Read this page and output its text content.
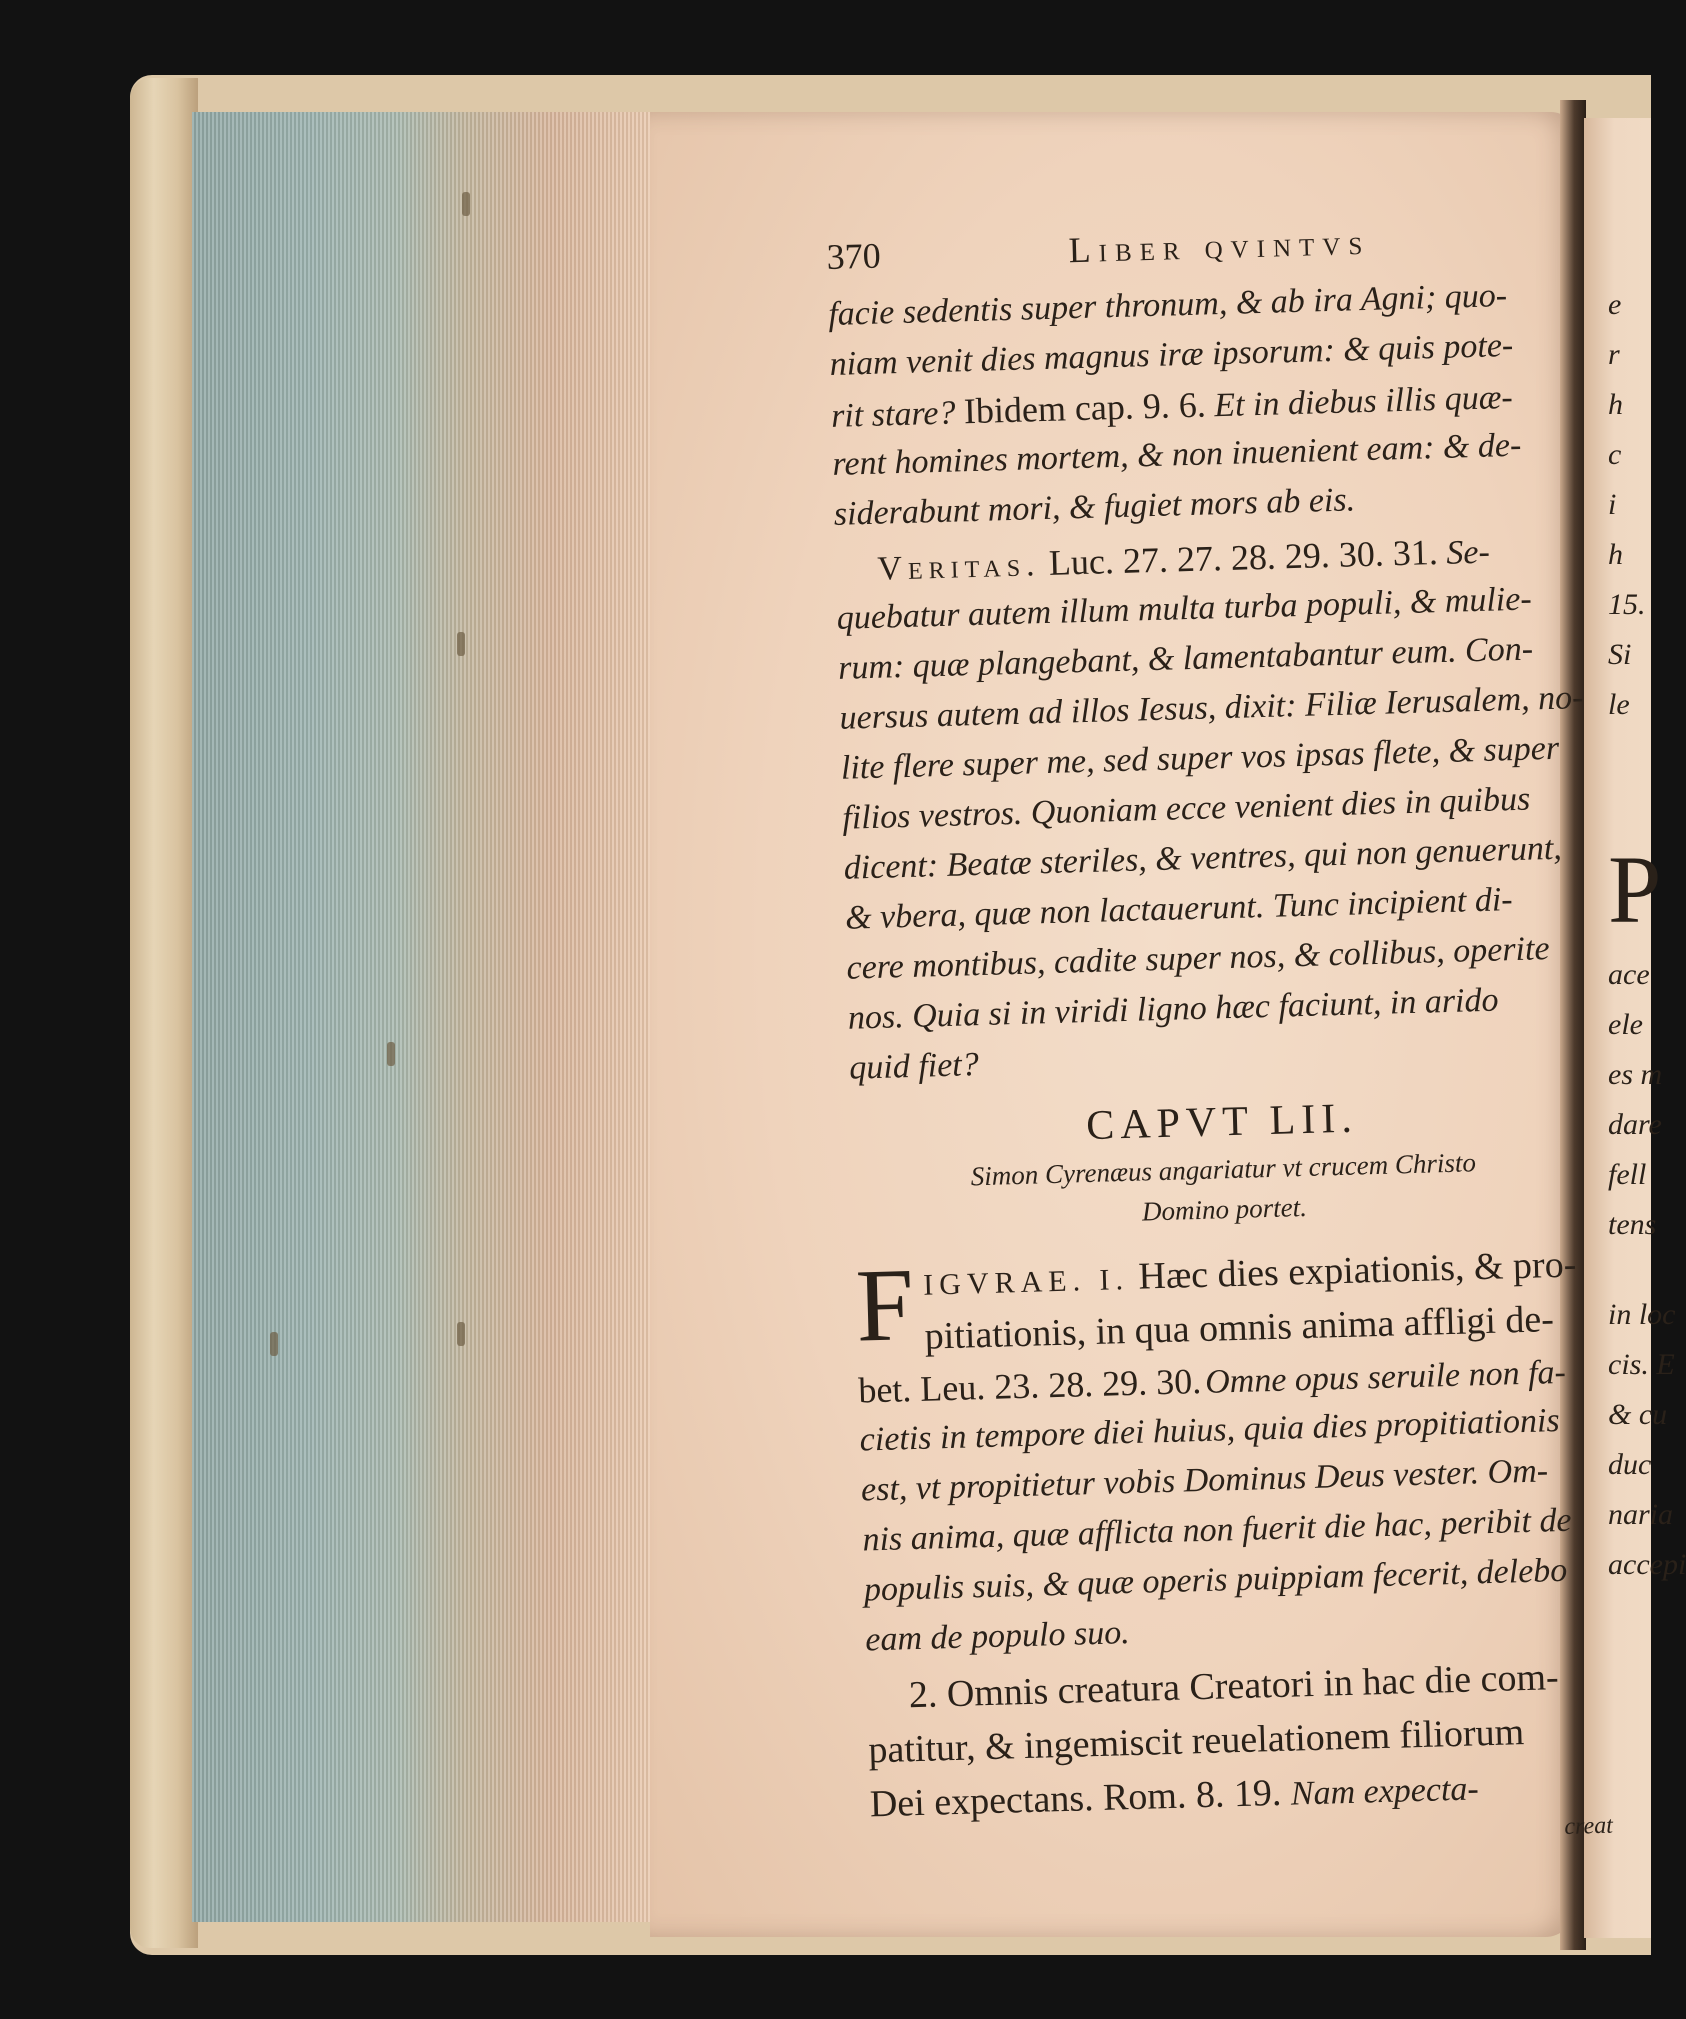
370	Liber qvintvs
facie sedentis super thronum, & ab ira Agni; quo-
niam venit dies magnus iræ ipsorum: & quis pote-
rit stare? Ibidem cap. 9. 6. Et in diebus illis quæ-
rent homines mortem, & non inuenient eam: & de-
siderabunt mori, & fugiet mors ab eis.
Veritas. Luc. 27. 27. 28. 29. 30. 31. Se-
quebatur autem illum multa turba populi, & mulie-
rum: quæ plangebant, & lamentabantur eum. Con-
uersus autem ad illos Iesus, dixit: Filiæ Ierusalem, no-
lite flere super me, sed super vos ipsas flete, & super
filios vestros. Quoniam ecce venient dies in quibus
dicent: Beatæ steriles, & ventres, qui non genuerunt,
& vbera, quæ non lactauerunt. Tunc incipient di-
cere montibus, cadite super nos, & collibus, operite
nos. Quia si in viridi ligno hæc faciunt, in arido
quid fiet?
CAPVT LII.
Simon Cyrenæus angariatur vt crucem Christo
Domino portet.
F IGVRAE. I. Hæc dies expiationis, & pro-
pitiationis, in qua omnis anima affligi de-
bet. Leu. 23. 28. 29. 30. Omne opus seruile non fa-
cietis in tempore diei huius, quia dies propitiationis
est, vt propitietur vobis Dominus Deus vester. Om-
nis anima, quæ afflicta non fuerit die hac, peribit de
populis suis, & quæ operis puippiam fecerit, delebo
eam de populo suo.
2. Omnis creatura Creatori in hac die com-
patitur, & ingemiscit reuelationem filiorum
Dei expectans. Rom. 8. 19. Nam expecta-
creat
e
r
h
c
i
h
15.
Si
le
P
ace
ele
es m
dare
fell
tens
in loc
cis. E
& cu
duc
naria
accepi
